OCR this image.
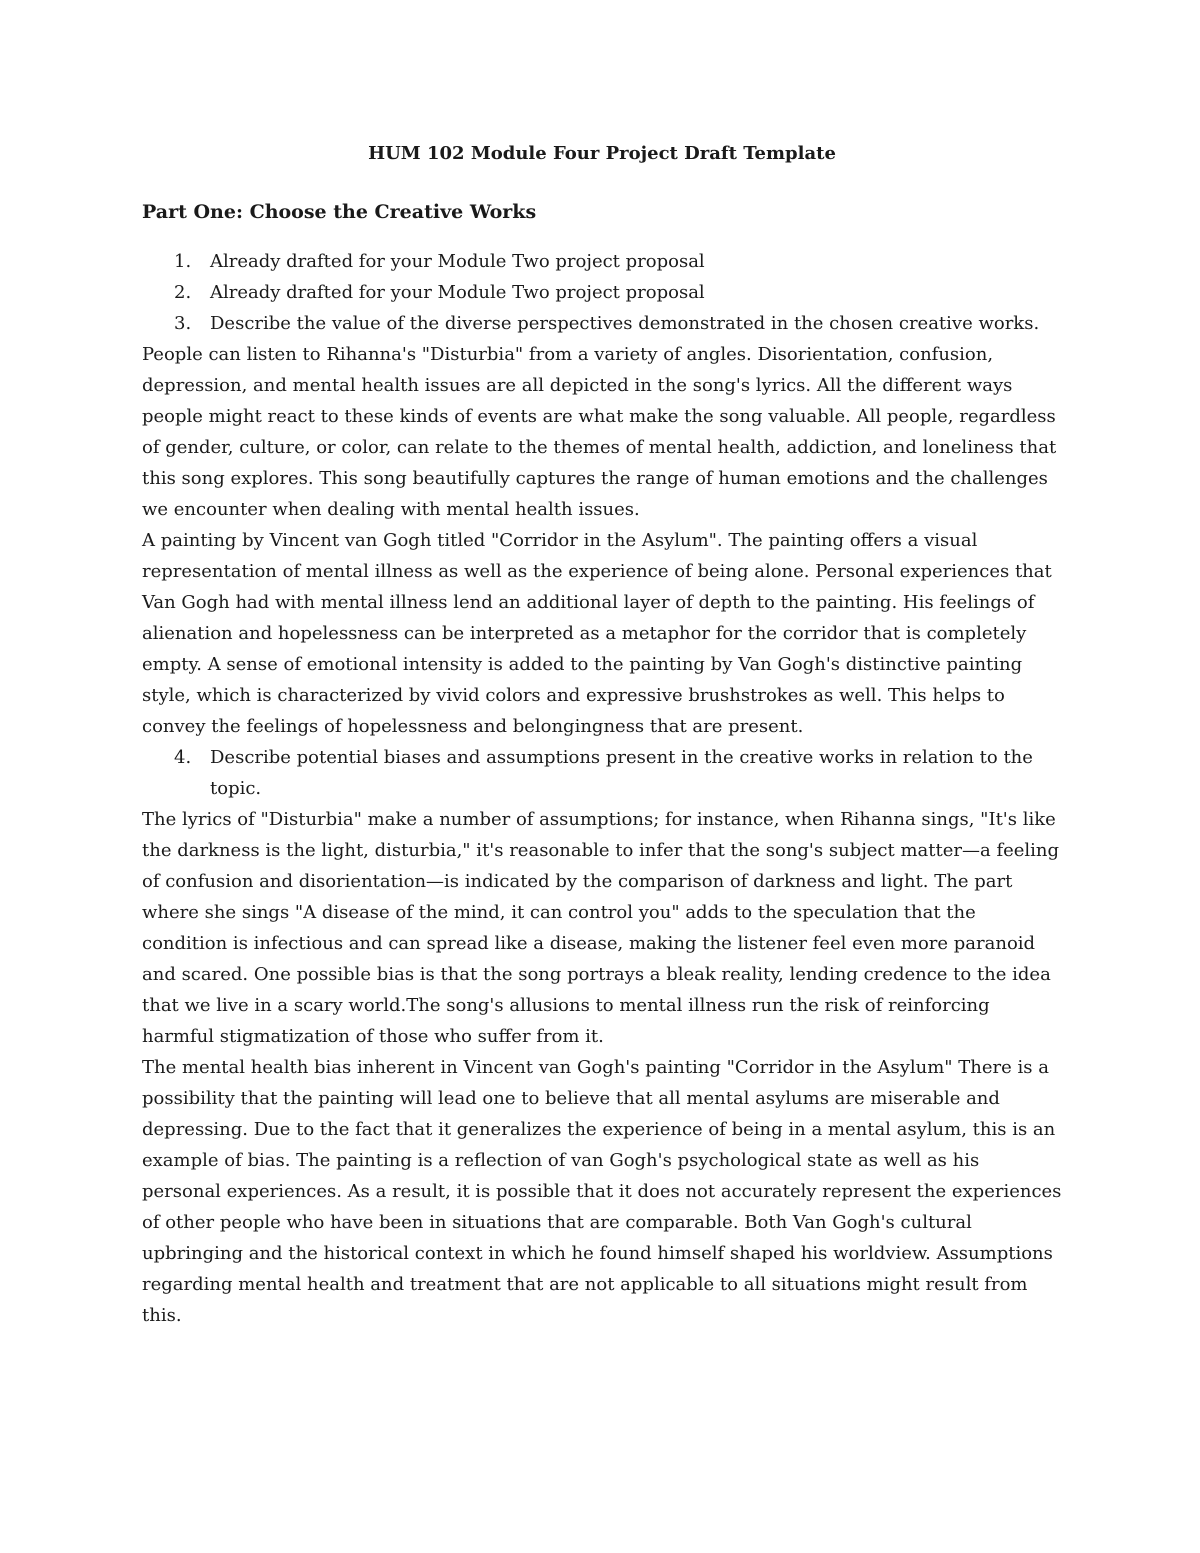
HUM 102 Module Four Project Draft Template
Part One: Choose the Creative Works
1. Already drafted for your Module Two project proposal
2. Already drafted for your Module Two project proposal
3. Describe the value of the diverse perspectives demonstrated in the chosen creative works.

People can listen to Rihanna's "Disturbia" from a variety of angles. Disorientation, confusion, depression, and mental health issues are all depicted in the song's lyrics. All the different ways people might react to these kinds of events are what make the song valuable. All people, regardless of gender, culture, or color, can relate to the themes of mental health, addiction, and loneliness that this song explores. This song beautifully captures the range of human emotions and the challenges we encounter when dealing with mental health issues.

A painting by Vincent van Gogh titled "Corridor in the Asylum". The painting offers a visual representation of mental illness as well as the experience of being alone. Personal experiences that Van Gogh had with mental illness lend an additional layer of depth to the painting. His feelings of alienation and hopelessness can be interpreted as a metaphor for the corridor that is completely empty. A sense of emotional intensity is added to the painting by Van Gogh's distinctive painting style, which is characterized by vivid colors and expressive brushstrokes as well. This helps to convey the feelings of hopelessness and belongingness that are present.

4. Describe potential biases and assumptions present in the creative works in relation to the topic.

The lyrics of "Disturbia" make a number of assumptions; for instance, when Rihanna sings, "It's like the darkness is the light, disturbia," it's reasonable to infer that the song's subject matter—a feeling of confusion and disorientation—is indicated by the comparison of darkness and light. The part where she sings "A disease of the mind, it can control you" adds to the speculation that the condition is infectious and can spread like a disease, making the listener feel even more paranoid and scared. One possible bias is that the song portrays a bleak reality, lending credence to the idea that we live in a scary world.The song's allusions to mental illness run the risk of reinforcing harmful stigmatization of those who suffer from it.

The mental health bias inherent in Vincent van Gogh's painting "Corridor in the Asylum" There is a possibility that the painting will lead one to believe that all mental asylums are miserable and depressing. Due to the fact that it generalizes the experience of being in a mental asylum, this is an example of bias. The painting is a reflection of van Gogh's psychological state as well as his personal experiences. As a result, it is possible that it does not accurately represent the experiences of other people who have been in situations that are comparable. Both Van Gogh's cultural upbringing and the historical context in which he found himself shaped his worldview. Assumptions regarding mental health and treatment that are not applicable to all situations might result from this.
